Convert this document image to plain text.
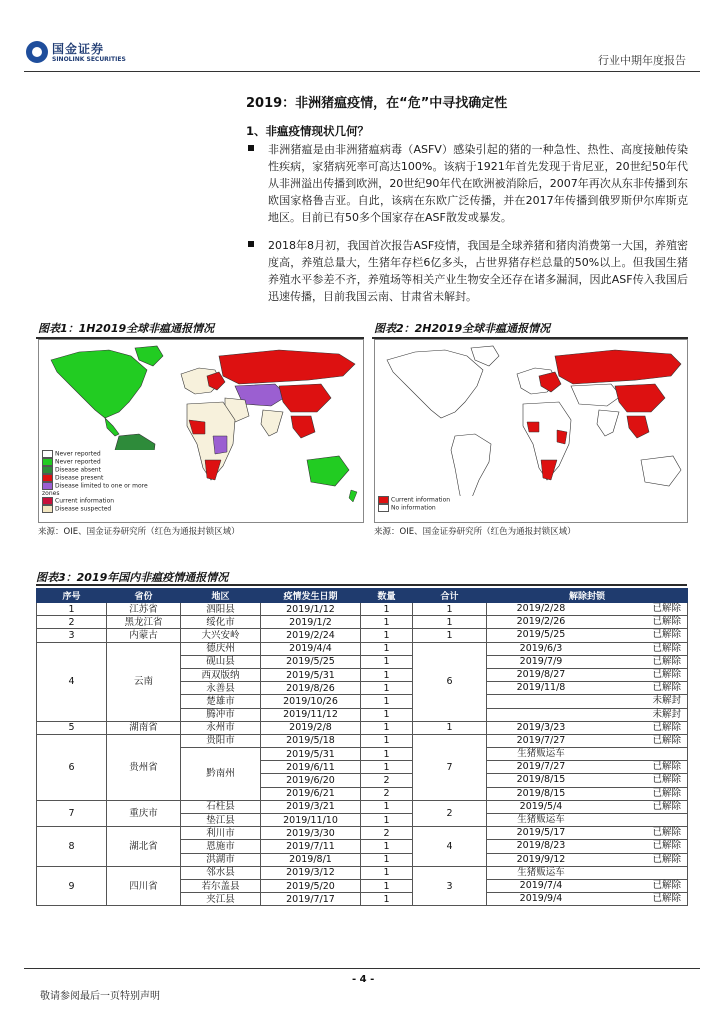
国金证券
SINOLINK SECURITIES	行业中期年度报告
2019：非洲猪瘟疫情，在“危”中寻找确定性
1、非瘟疫情现状几何？
非洲猪瘟是由非洲猪瘟病毒（ASFV）感染引起的猪的一种急性、热性、高度接触传染性疾病，家猪病死率可高达100%。该病于1921年首先发现于肯尼亚，20世纪50年代从非洲溢出传播到欧洲，20世纪90年代在欧洲被消除后，2007年再次从东非传播到东欧国家格鲁吉亚。自此，该病在东欧广泛传播，并在2017年传播到俄罗斯伊尔库斯克地区。目前已有50多个国家存在ASF散发或暴发。
2018年8月初，我国首次报告ASF疫情，我国是全球养猪和猪肉消费第一大国，养殖密度高，养殖总量大，生猪年存栏6亿多头，占世界猪存栏总量的50%以上。但我国生猪养殖水平参差不齐，养殖场等相关产业生物安全还存在诸多漏洞，因此ASF传入我国后迅速传播，目前我国云南、甘肃省未解封。
图表1：1H2019全球非瘟通报情况
Never reported
Never reported
Disease absent
Disease present
Disease limited to one or more zones
Current information
Disease suspected
来源：OIE、国金证券研究所（红色为通报封锁区域）
图表2：2H2019全球非瘟通报情况
Current information
No information
来源：OIE、国金证券研究所（红色为通报封锁区域）
图表3：2019年国内非瘟疫情通报情况
序号	省份	地区	疫情发生日期	数量	合计	解除封锁
1	江苏省	泗阳县	2019/1/12	1	1	2019/2/28 已解除

2	黑龙江省	绥化市	2019/1/2	1	1	2019/2/26 已解除

3	内蒙古	大兴安岭	2019/2/24	1	1	2019/5/25 已解除

4	云南	德庆州	2019/4/4	1	6	2019/6/3 已解除

		砚山县	2019/5/25	1		2019/7/9 已解除

		西双版纳	2019/5/31	1		2019/8/27 已解除

		永善县	2019/8/26	1		2019/11/8 已解除

		楚雄市	2019/10/26	1		未解封

		腾冲市	2019/11/12	1		未解封

5	湖南省	永州市	2019/2/8	1	1	2019/3/23 已解除

6	贵州省	贵阳市	2019/5/18	1	7	2019/7/27 已解除

		黔南州	2019/5/31	1		生猪贩运车

			2019/6/11	1		2019/7/27 已解除

			2019/6/20	2		2019/8/15 已解除

			2019/6/21	2		2019/8/15 已解除

7	重庆市	石柱县	2019/3/21	1	2	2019/5/4 已解除

		垫江县	2019/11/10	1		生猪贩运车

8	湖北省	利川市	2019/3/30	2	4	2019/5/17 已解除

		恩施市	2019/7/11	1		2019/8/23 已解除

		洪湖市	2019/8/1	1		2019/9/12 已解除

9	四川省	邻水县	2019/3/12	1	3	生猪贩运车

		若尔盖县	2019/5/20	1		2019/7/4 已解除

		夹江县	2019/7/17	1		2019/9/4 已解除
- 4 -
敬请参阅最后一页特别声明
